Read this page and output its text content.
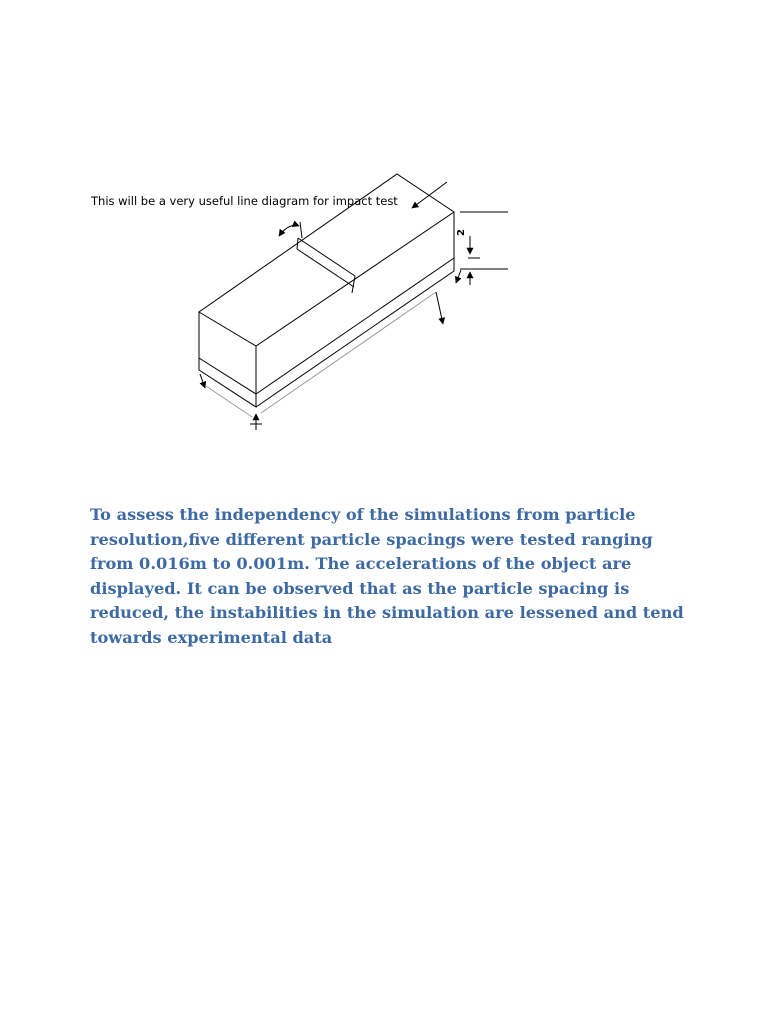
2
This will be a very useful line diagram for impact test

To assess the independency of the simulations from particle resolution,five different particle spacings were tested ranging from 0.016m to 0.001m. The accelerations of the object are displayed. It can be observed that as the particle spacing is reduced, the instabilities in the simulation are lessened and tend towards experimental data
